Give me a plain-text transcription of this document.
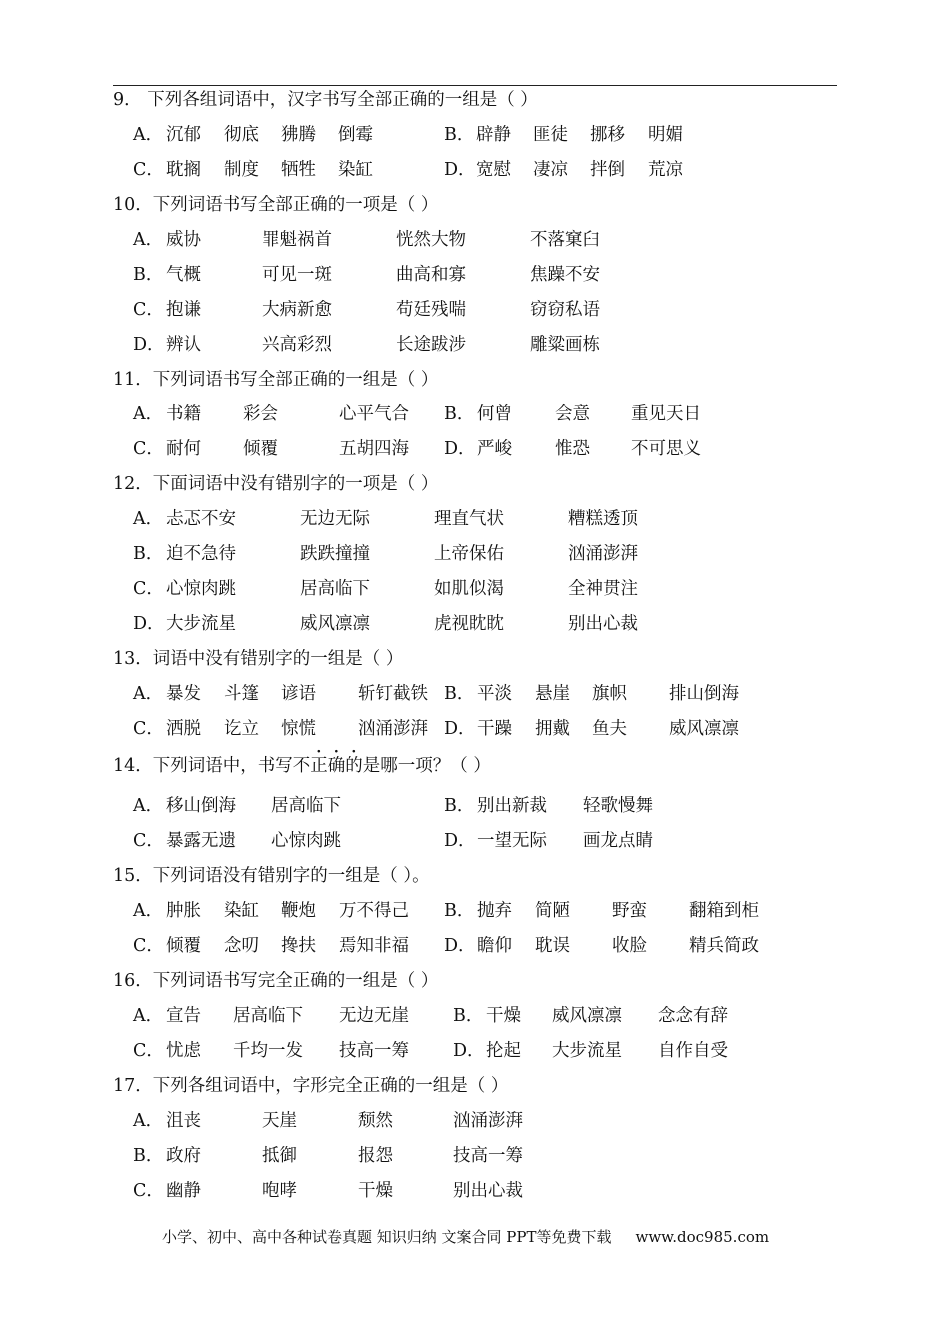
9． 下列各组词语中，汉字书写全部正确的一组是（ ）
A． 沉郁 彻底 狒腾 倒霉	B． 辟静 匪徒 挪移 明媚
C． 耽搁 制度 牺牲 染缸	D． 宽慰 凄凉 拌倒 荒凉
10．下列词语书写全部正确的一项是（ ）
A． 威协	罪魁祸首	恍然大物	不落窠臼
B． 气概	可见一斑	曲高和寡	焦躁不安
C． 抱谦	大病新愈	苟廷残喘	窃窃私语
D． 辨认	兴高彩烈	长途跋涉	雕粱画栋
11．下列词语书写全部正确的一组是（ ）
A． 书籍 彩会	心平气合 B． 何曾 会意 重见天日
C． 耐何 倾覆	五胡四海 D． 严峻 惟恐 不可思义
12．下面词语中没有错别字的一项是（ ）
A． 忐忑不安	无边无际	理直气状	糟糕透顶
B． 迫不急待	跌跌撞撞	上帝保佑	汹涌澎湃
C． 心惊肉跳	居高临下	如肌似渴	全神贯注
D． 大步流星	威风凛凛	虎视眈眈	别出心裁
13．词语中没有错别字的一组是（ ）
A． 暴发 斗篷 谚语 斩钉截铁 B． 平淡 悬崖 旗帜 排山倒海
C． 洒脱 讫立 惊慌 汹涌澎湃 D． 干躁 拥戴 鱼夫 威风凛凛
· · ·
14．下列词语中，书写不正确的是哪一项？（ ）
A． 移山倒海 居高临下	B． 别出新裁 轻歌慢舞
C． 暴露无遗 心惊肉跳	D． 一望无际 画龙点睛
15．下列词语没有错别字的一组是（ ）。
A． 肿胀 染缸 鞭炮 万不得己 B． 抛弃 简陋 野蛮 翻箱到柜
C． 倾覆 念叨 搀扶 焉知非福 D． 瞻仰 耽误 收脸 精兵简政
16．下列词语书写完全正确的一组是（ ）
A． 宣告 居高临下 无边无崖	B． 干燥 威风凛凛 念念有辞
C． 忧虑 千均一发 技高一筹	D． 抡起 大步流星 自作自受
17．下列各组词语中，字形完全正确的一组是（ ）
A． 沮丧	天崖	颓然	汹涌澎湃
B． 政府	抵御	报怨	技高一筹
C． 幽静	咆哮	干燥	别出心裁
小学、初中、高中各种试卷真题 知识归纳 文案合同 PPT等免费下载 www.doc985.com
